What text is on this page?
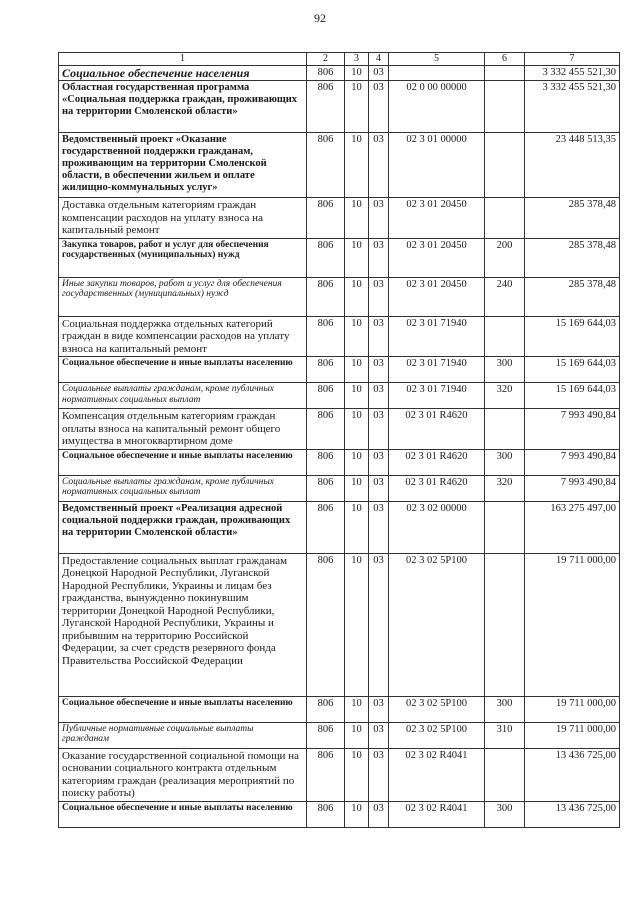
92
1	2	3	4	5	6	7
Социальное обеспечение населения	806	10	03			3 332 455 521,30
Областная государственная программа «Социальная поддержка граждан, проживающих на территории Смоленской области»	806	10	03	02 0 00 00000		3 332 455 521,30
Ведомственный проект «Оказание государственной поддержки гражданам, проживающим на территории Смоленской области, в обеспечении жильем и оплате жилищно-коммунальных услуг»	806	10	03	02 3 01 00000		23 448 513,35
Доставка отдельным категориям граждан компенсации расходов на уплату взноса на капитальный ремонт	806	10	03	02 3 01 20450		285 378,48
Закупка товаров, работ и услуг для обеспечения государственных (муниципальных) нужд	806	10	03	02 3 01 20450	200	285 378,48
Иные закупки товаров, работ и услуг для обеспечения государственных (муниципальных) нужд	806	10	03	02 3 01 20450	240	285 378,48
Социальная поддержка отдельных категорий граждан в виде компенсации расходов на уплату взноса на капитальный ремонт	806	10	03	02 3 01 71940		15 169 644,03
Социальное обеспечение и иные выплаты населению	806	10	03	02 3 01 71940	300	15 169 644,03
Социальные выплаты гражданам, кроме публичных нормативных социальных выплат	806	10	03	02 3 01 71940	320	15 169 644,03
Компенсация отдельным категориям граждан оплаты взноса на капитальный ремонт общего имущества в многоквартирном доме	806	10	03	02 3 01 R4620		7 993 490,84
Социальное обеспечение и иные выплаты населению	806	10	03	02 3 01 R4620	300	7 993 490,84
Социальные выплаты гражданам, кроме публичных нормативных социальных выплат	806	10	03	02 3 01 R4620	320	7 993 490,84
Ведомственный проект «Реализация адресной социальной поддержки граждан, проживающих на территории Смоленской области»	806	10	03	02 3 02 00000		163 275 497,00
Предоставление социальных выплат гражданам Донецкой Народной Республики, Луганской Народной Республики, Украины и лицам без гражданства, вынужденно покинувшим территории Донецкой Народной Республики, Луганской Народной Республики, Украины и прибывшим на территорию Российской Федерации, за счет средств резервного фонда Правительства Российской Федерации	806	10	03	02 3 02 5P100		19 711 000,00
Социальное обеспечение и иные выплаты населению	806	10	03	02 3 02 5P100	300	19 711 000,00
Публичные нормативные социальные выплаты гражданам	806	10	03	02 3 02 5P100	310	19 711 000,00
Оказание государственной социальной помощи на основании социального контракта отдельным категориям граждан (реализация мероприятий по поиску работы)	806	10	03	02 3 02 R4041		13 436 725,00
Социальное обеспечение и иные выплаты населению	806	10	03	02 3 02 R4041	300	13 436 725,00
